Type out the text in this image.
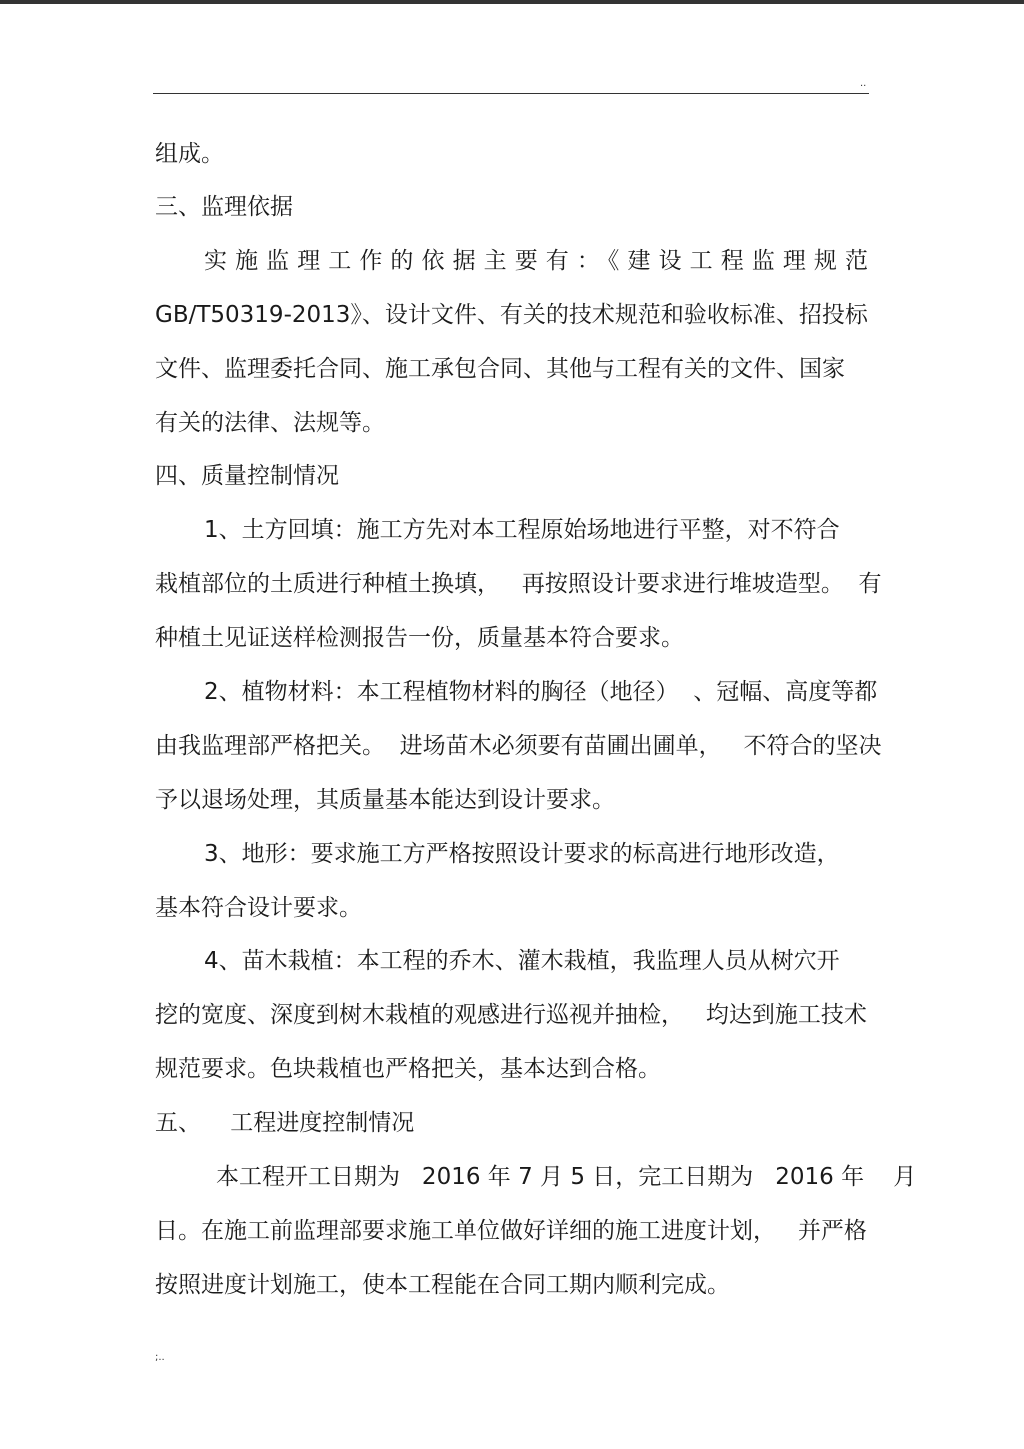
..
组成。
三、监理依据
实施监理工作的依据主要有：《建设工程监理规范
GB/T50319-2013》、设计文件、有关的技术规范和验收标准、招投标
文件、监理委托合同、施工承包合同、其他与工程有关的文件、国家
有关的法律、法规等。
四、质量控制情况
1、土方回填：施工方先对本工程原始场地进行平整，对不符合
栽植部位的土质进行种植土换填，   再按照设计要求进行堆坡造型。  有
种植土见证送样检测报告一份，质量基本符合要求。
2、植物材料：本工程植物材料的胸径（地径）  、冠幅、高度等都
由我监理部严格把关。  进场苗木必须要有苗圃出圃单，   不符合的坚决
予以退场处理，其质量基本能达到设计要求。
3、地形：要求施工方严格按照设计要求的标高进行地形改造，
基本符合设计要求。
4、苗木栽植：本工程的乔木、灌木栽植，我监理人员从树穴开
挖的宽度、深度到树木栽植的观感进行巡视并抽检，   均达到施工技术
规范要求。色块栽植也严格把关，基本达到合格。
五、    工程进度控制情况
本工程开工日期为   2016 年 7 月 5 日，完工日期为   2016 年    月
日。在施工前监理部要求施工单位做好详细的施工进度计划，   并严格
按照进度计划施工，使本工程能在合同工期内顺利完成。
;..
